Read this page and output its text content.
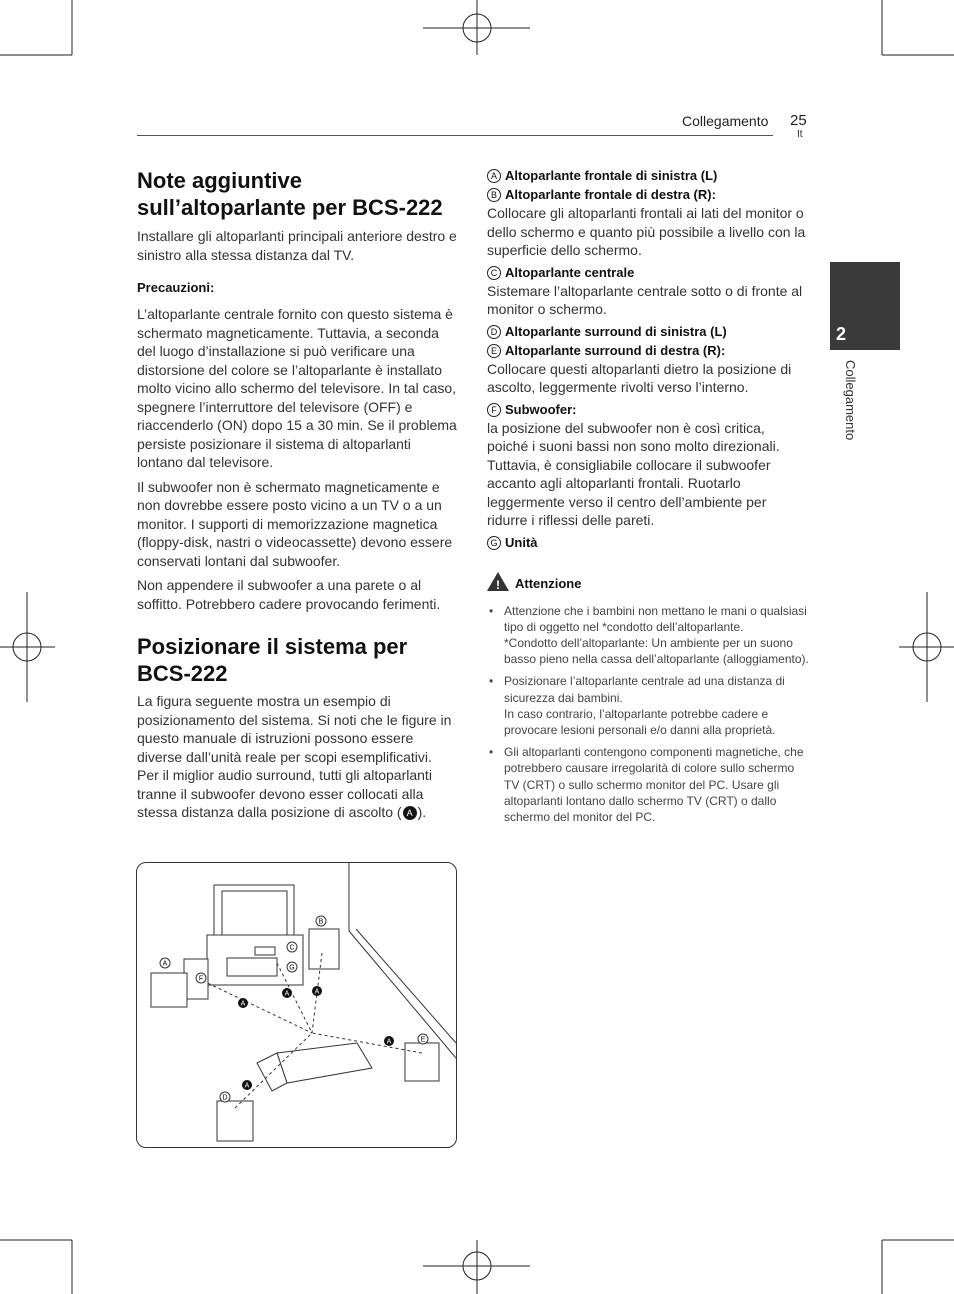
Collegamento 25
It
2
Collegamento
Note aggiuntive sull’altoparlante per BCS-222

Installare gli altoparlanti principali anteriore destro e sinistro alla stessa distanza dal TV.

Precauzioni:

L’altoparlante centrale fornito con questo sistema è schermato magneticamente. Tuttavia, a seconda del luogo d’installazione si può verificare una distorsione del colore se l’altoparlante è installato molto vicino allo schermo del televisore. In tal caso, spegnere l’interruttore del televisore (OFF) e riaccenderlo (ON) dopo 15 a 30 min. Se il problema persiste posizionare il sistema di altoparlanti lontano dal televisore.

Il subwoofer non è schermato magneticamente e non dovrebbe essere posto vicino a un TV o a un monitor. I supporti di memorizzazione magnetica (floppy-disk, nastri o videocassette) devono essere conservati lontani dal subwoofer.

Non appendere il subwoofer a una parete o al soffitto. Potrebbero cadere provocando ferimenti.

Posizionare il sistema per BCS-222

La figura seguente mostra un esempio di posizionamento del sistema. Si noti che le figure in questo manuale di istruzioni possono essere diverse dall’unità reale per scopi esemplificativi. Per il miglior audio surround, tutti gli altoparlanti tranne il subwoofer devono esser collocati alla stessa distanza dalla posizione di ascolto ( A ).

B
C
G
A
F
E
D
A
A	A
A
A
A Altoparlante frontale di sinistra (L)
B Altoparlante frontale di destra (R):

Collocare gli altoparlanti frontali ai lati del monitor o dello schermo e quanto più possibile a livello con la superficie dello schermo.

C Altoparlante centrale

Sistemare l’altoparlante centrale sotto o di fronte al monitor o schermo.

D Altoparlante surround di sinistra (L)
E Altoparlante surround di destra (R):

Collocare questi altoparlanti dietro la posizione di ascolto, leggermente rivolti verso l’interno.

F Subwoofer:

la posizione del subwoofer non è così critica, poiché i suoni bassi non sono molto direzionali. Tuttavia, è consigliabile collocare il subwoofer accanto agli altoparlanti frontali. Ruotarlo leggermente verso il centro dell’ambiente per ridurre i riflessi delle pareti.

G Unità
! Attenzione
• Attenzione che i bambini non mettano le mani o qualsiasi tipo di oggetto nel *condotto dell’altoparlante.
*Condotto dell’altoparlante: Un ambiente per un suono basso pieno nella cassa dell’altoparlante (alloggiamento).
• Posizionare l’altoparlante centrale ad una distanza di sicurezza dai bambini.
In caso contrario, l’altoparlante potrebbe cadere e provocare lesioni personali e/o danni alla proprietà.
• Gli altoparlanti contengono componenti magnetiche, che potrebbero causare irregolarità di colore sullo schermo TV (CRT) o sullo schermo monitor del PC. Usare gli altoparlanti lontano dallo schermo TV (CRT) o dallo schermo del monitor del PC.
